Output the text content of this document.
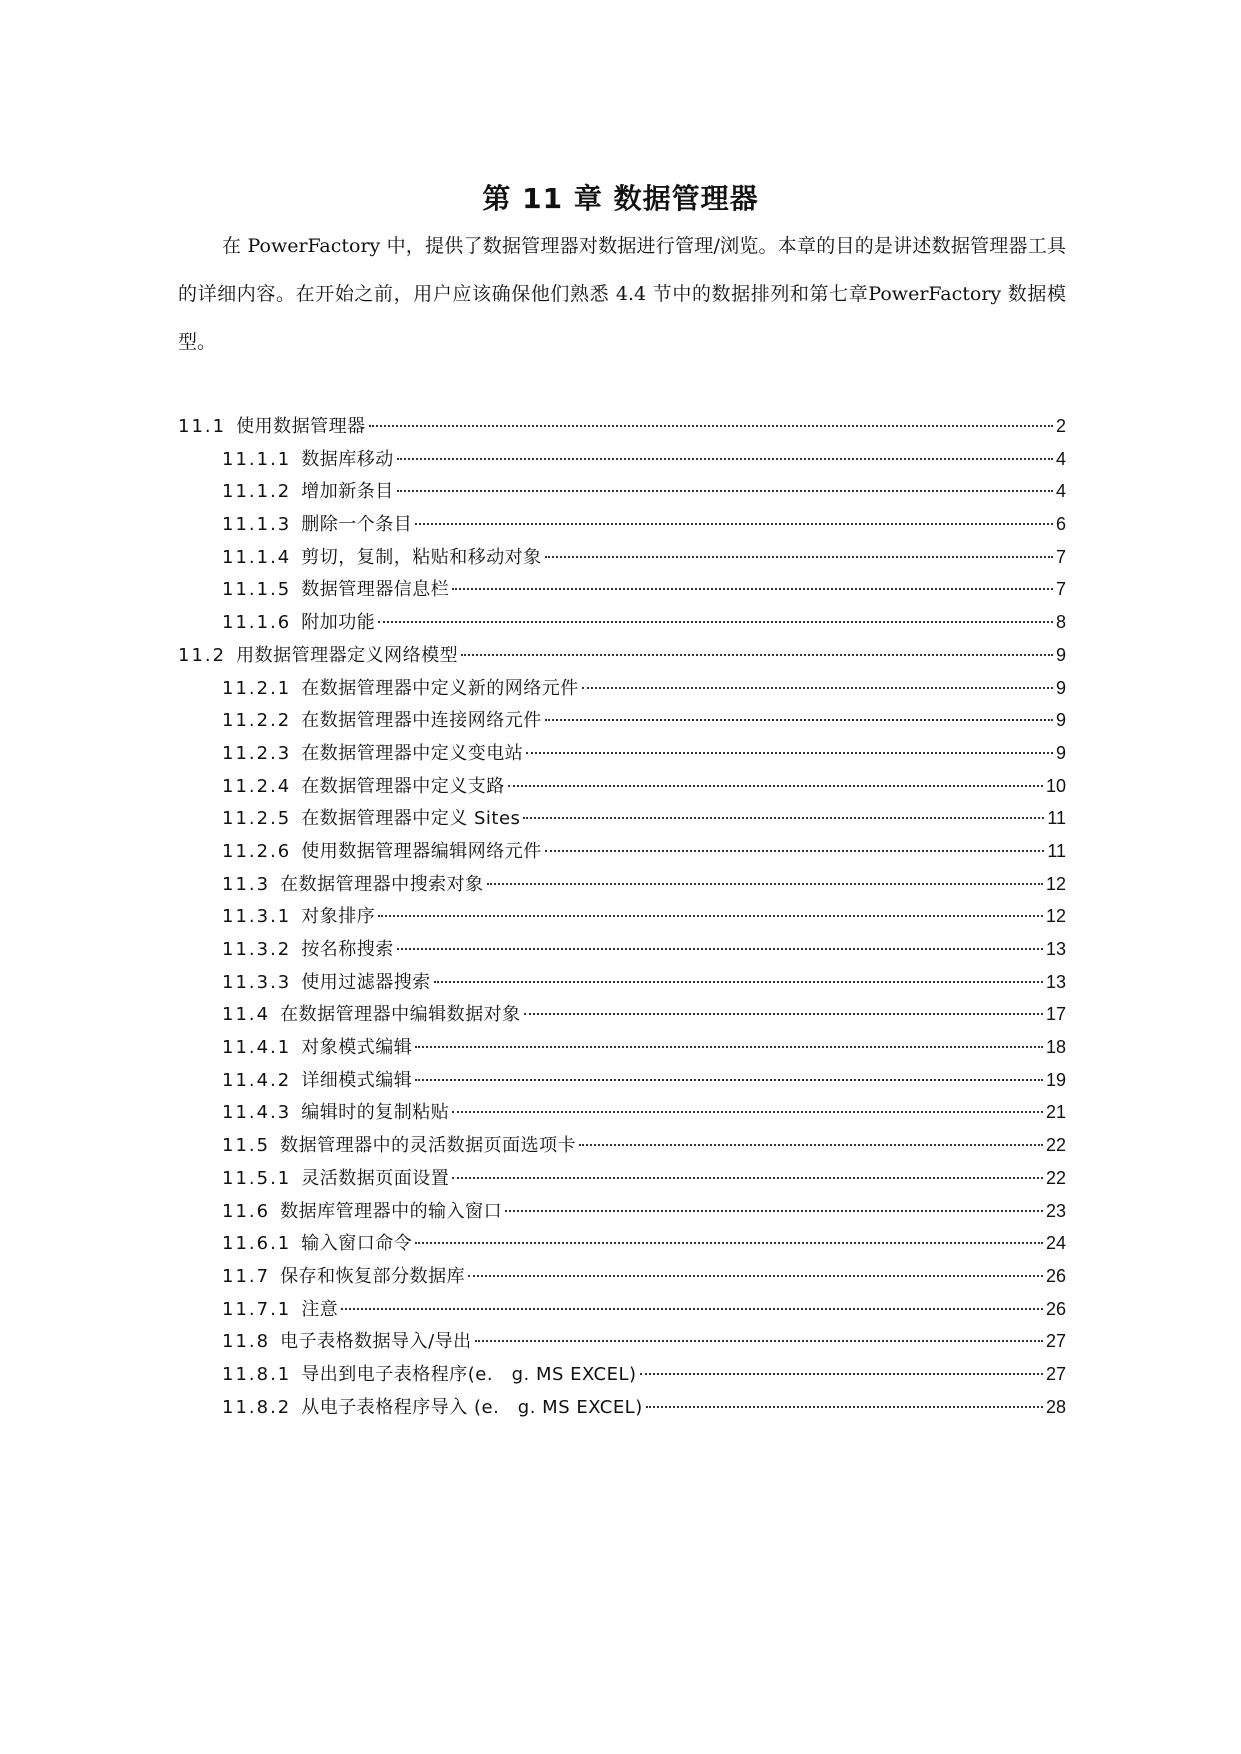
第 11 章 数据管理器

在 PowerFactory 中，提供了数据管理器对数据进行管理/浏览。本章的目的是讲述数据管理器工具的详细内容。在开始之前，用户应该确保他们熟悉 4.4 节中的数据排列和第七章PowerFactory 数据模型。

11.1 使用数据管理器	2
11.1.1 数据库移动	4
11.1.2 增加新条目	4
11.1.3 删除一个条目	6
11.1.4 剪切，复制，粘贴和移动对象	7
11.1.5 数据管理器信息栏	7
11.1.6 附加功能	8
11.2 用数据管理器定义网络模型	9
11.2.1 在数据管理器中定义新的网络元件	9
11.2.2 在数据管理器中连接网络元件	9
11.2.3 在数据管理器中定义变电站	9
11.2.4 在数据管理器中定义支路	10
11.2.5 在数据管理器中定义 Sites	11
11.2.6 使用数据管理器编辑网络元件	11
11.3 在数据管理器中搜索对象	12
11.3.1 对象排序	12
11.3.2 按名称搜索	13
11.3.3 使用过滤器搜索	13
11.4 在数据管理器中编辑数据对象	17
11.4.1 对象模式编辑	18
11.4.2 详细模式编辑	19
11.4.3 编辑时的复制粘贴	21
11.5 数据管理器中的灵活数据页面选项卡	22
11.5.1 灵活数据页面设置	22
11.6 数据库管理器中的输入窗口	23
11.6.1 输入窗口命令	24
11.7 保存和恢复部分数据库	26
11.7.1 注意	26
11.8 电子表格数据导入/导出	27
11.8.1 导出到电子表格程序(e.　g. MS EXCEL)	27
11.8.2 从电子表格程序导入 (e.　g. MS EXCEL)	28
